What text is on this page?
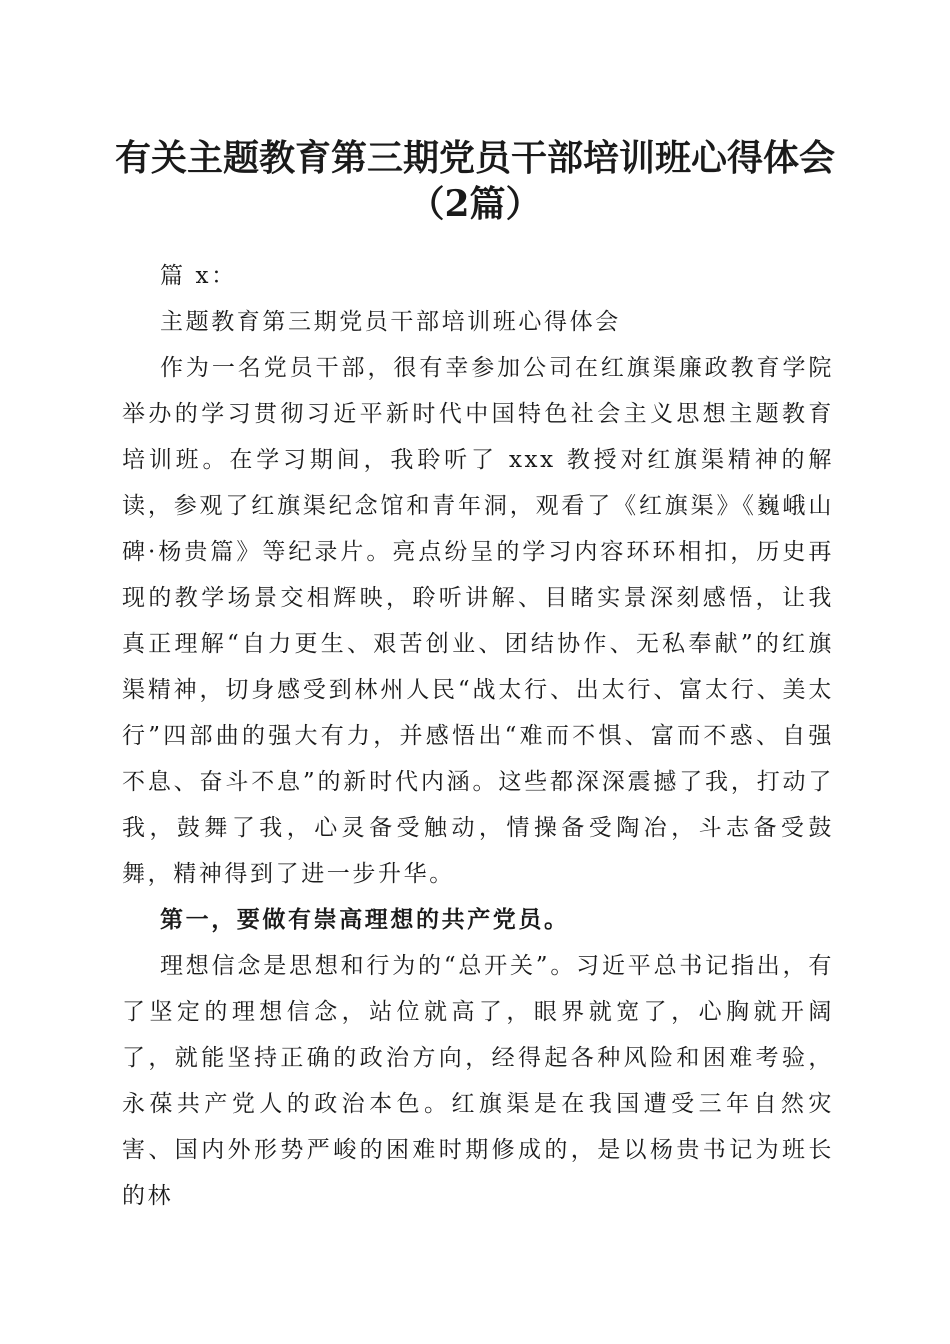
有关主题教育第三期党员干部培训班心得体会
（2篇）

篇 x：

主题教育第三期党员干部培训班心得体会

作为一名党员干部，很有幸参加公司在红旗渠廉政教育学院举办的学习贯彻习近平新时代中国特色社会主义思想主题教育培训班。在学习期间，我聆听了 xxx 教授对红旗渠精神的解读，参观了红旗渠纪念馆和青年洞，观看了《红旗渠》《巍峨山碑·杨贵篇》等纪录片。亮点纷呈的学习内容环环相扣，历史再现的教学场景交相辉映，聆听讲解、目睹实景深刻感悟，让我真正理解“自力更生、艰苦创业、团结协作、无私奉献”的红旗渠精神，切身感受到林州人民“战太行、出太行、富太行、美太行”四部曲的强大有力，并感悟出“难而不惧、富而不惑、自强不息、奋斗不息”的新时代内涵。这些都深深震撼了我，打动了我，鼓舞了我，心灵备受触动，情操备受陶冶，斗志备受鼓舞，精神得到了进一步升华。

第一，要做有崇高理想的共产党员。

理想信念是思想和行为的“总开关”。习近平总书记指出，有了坚定的理想信念，站位就高了，眼界就宽了，心胸就开阔了，就能坚持正确的政治方向，经得起各种风险和困难考验，永葆共产党人的政治本色。红旗渠是在我国遭受三年自然灾害、国内外形势严峻的困难时期修成的，是以杨贵书记为班长的林
